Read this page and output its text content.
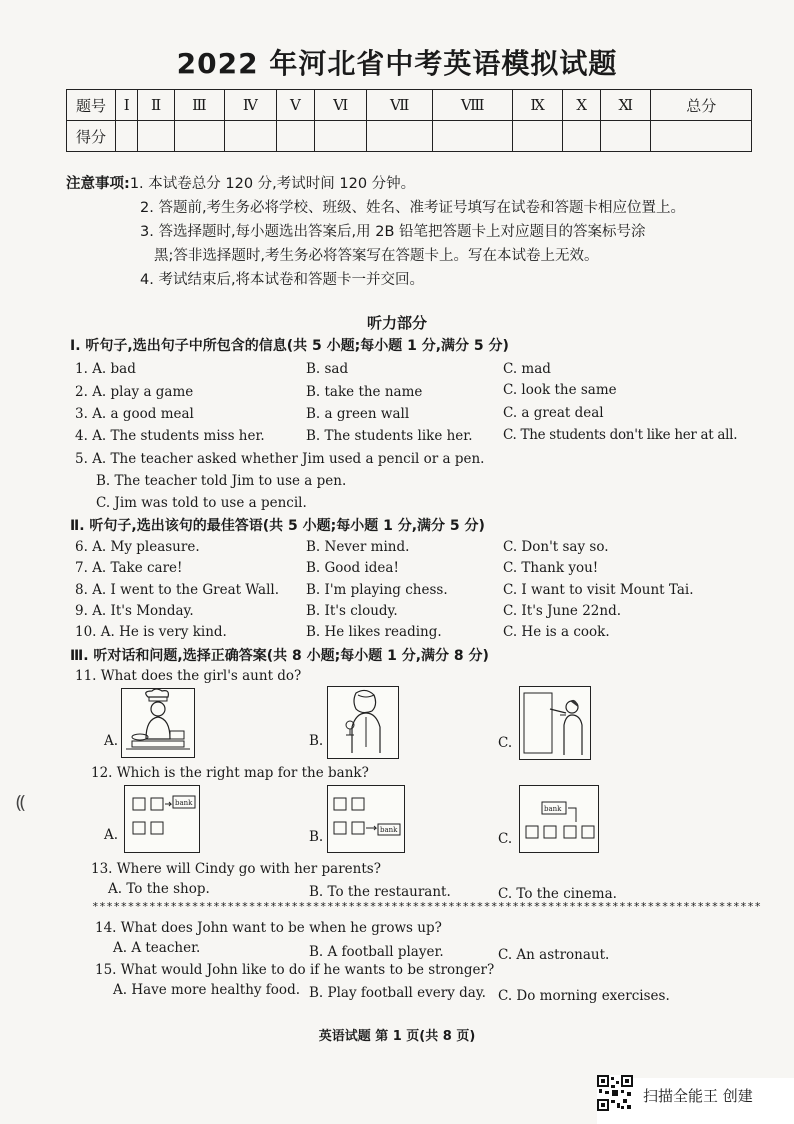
2022 年河北省中考英语模拟试题
题号	I	Ⅱ	Ⅲ	Ⅳ	V	Ⅵ	Ⅶ	Ⅷ	Ⅸ	X	Ⅺ	总分
得分												
注意事项:1. 本试卷总分 120 分,考试时间 120 分钟。
2. 答题前,考生务必将学校、班级、姓名、准考证号填写在试卷和答题卡相应位置上。
3. 答选择题时,每小题选出答案后,用 2B 铅笔把答题卡上对应题目的答案标号涂
黑;答非选择题时,考生务必将答案写在答题卡上。写在本试卷上无效。
4. 考试结束后,将本试卷和答题卡一并交回。
听力部分
Ⅰ. 听句子,选出句子中所包含的信息(共 5 小题;每小题 1 分,满分 5 分)
1. A. bad	B. sad	C. mad
2. A. play a game	B. take the name	C. look the same
3. A. a good meal	B. a green wall	C. a great deal
4. A. The students miss her.	B. The students like her. C. The students don't like her at all.
5. A. The teacher asked whether Jim used a pencil or a pen.
B. The teacher told Jim to use a pen.
C. Jim was told to use a pencil.
Ⅱ. 听句子,选出该句的最佳答语(共 5 小题;每小题 1 分,满分 5 分)
6. A. My pleasure.	B. Never mind.	C. Don't say so.
7. A. Take care!	B. Good idea!	C. Thank you!
8. A. I went to the Great Wall. B. I'm playing chess.	C. I want to visit Mount Tai.
9. A. It's Monday.	B. It's cloudy.	C. It's June 22nd.
10. A. He is very kind.	B. He likes reading.	C. He is a cook.
Ⅲ. 听对话和问题,选择正确答案(共 8 小题;每小题 1 分,满分 8 分)
11. What does the girl's aunt do?
A.	B.	C.
12. Which is the right map for the bank?
A.
bank
B.	bank
C.
bank
13. Where will Cindy go with her parents?
A. To the shop.	B. To the restaurant.	C. To the cinema.
**********************************************************************************************
14. What does John want to be when he grows up?
A. A teacher.	B. A football player.	C. An astronaut.
15. What would John like to do if he wants to be stronger?
A. Have more healthy food. B. Play football every day. C. Do morning exercises.
英语试题 第 1 页(共 8 页)
⸨
扫描全能王 创建
